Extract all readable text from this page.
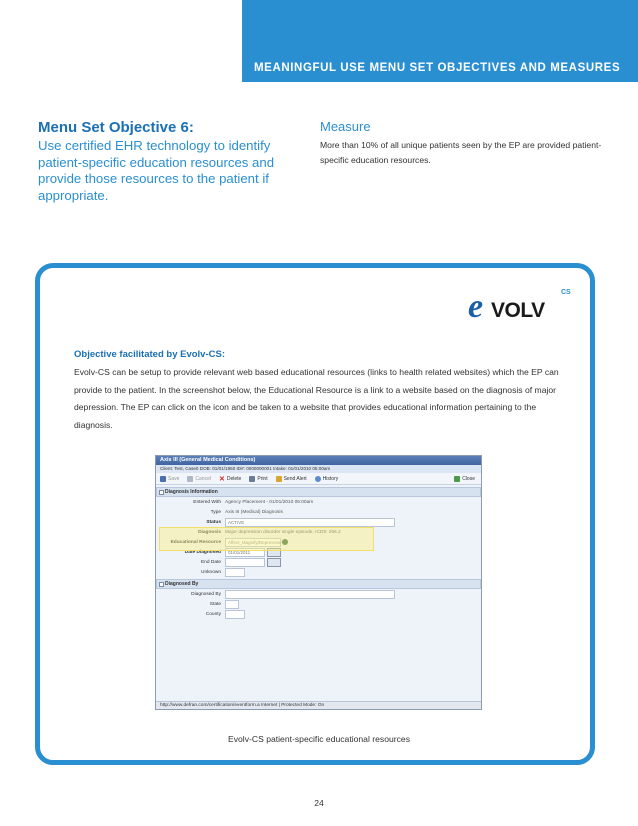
MEANINGFUL USE MENU SET OBJECTIVES AND MEASURES
Menu Set Objective 6:
Use certified EHR technology to identify patient-specific education resources and provide those resources to the patient if appropriate.
Measure
More than 10% of all unique patients seen by the EP are provided patient-specific education resources.
e VOLV
CS
Objective facilitated by Evolv-CS:
Evolv-CS can be setup to provide relevant web based educational resources (links to health related websites) which the EP can provide to the patient. In the screenshot below, the Educational Resource is a link to a website based on the diagnosis of major depression. The EP can click on the icon and be taken to a website that provides educational information pertaining to the diagnosis.
Axis III (General Medical Conditions)
Client: Test, Case0 DOB: 01/01/1950 ID#: 0000000001 Intake: 01/01/2010 05:00am
Save	Cancel ✕ Delete	Print	Send Alert	History	Close
Diagnosis Information
Entered With Agency Placement - 01/01/2010 05:00am
Type Axis III (Medical) Diagnosis
Status	ACTIVE
Diagnosis Major depression disorder single episode, ICD9: 296.2
Educational Resource	Affect_Magnify/Depressive
Date Diagnosed	01/01/2011
End Date
Unknown
Diagnosed By
Diagnosed By
State
County
http://www.defran.com/certification/eventform.a Internet | Protected Mode: On
Evolv-CS patient-specific educational resources
24
